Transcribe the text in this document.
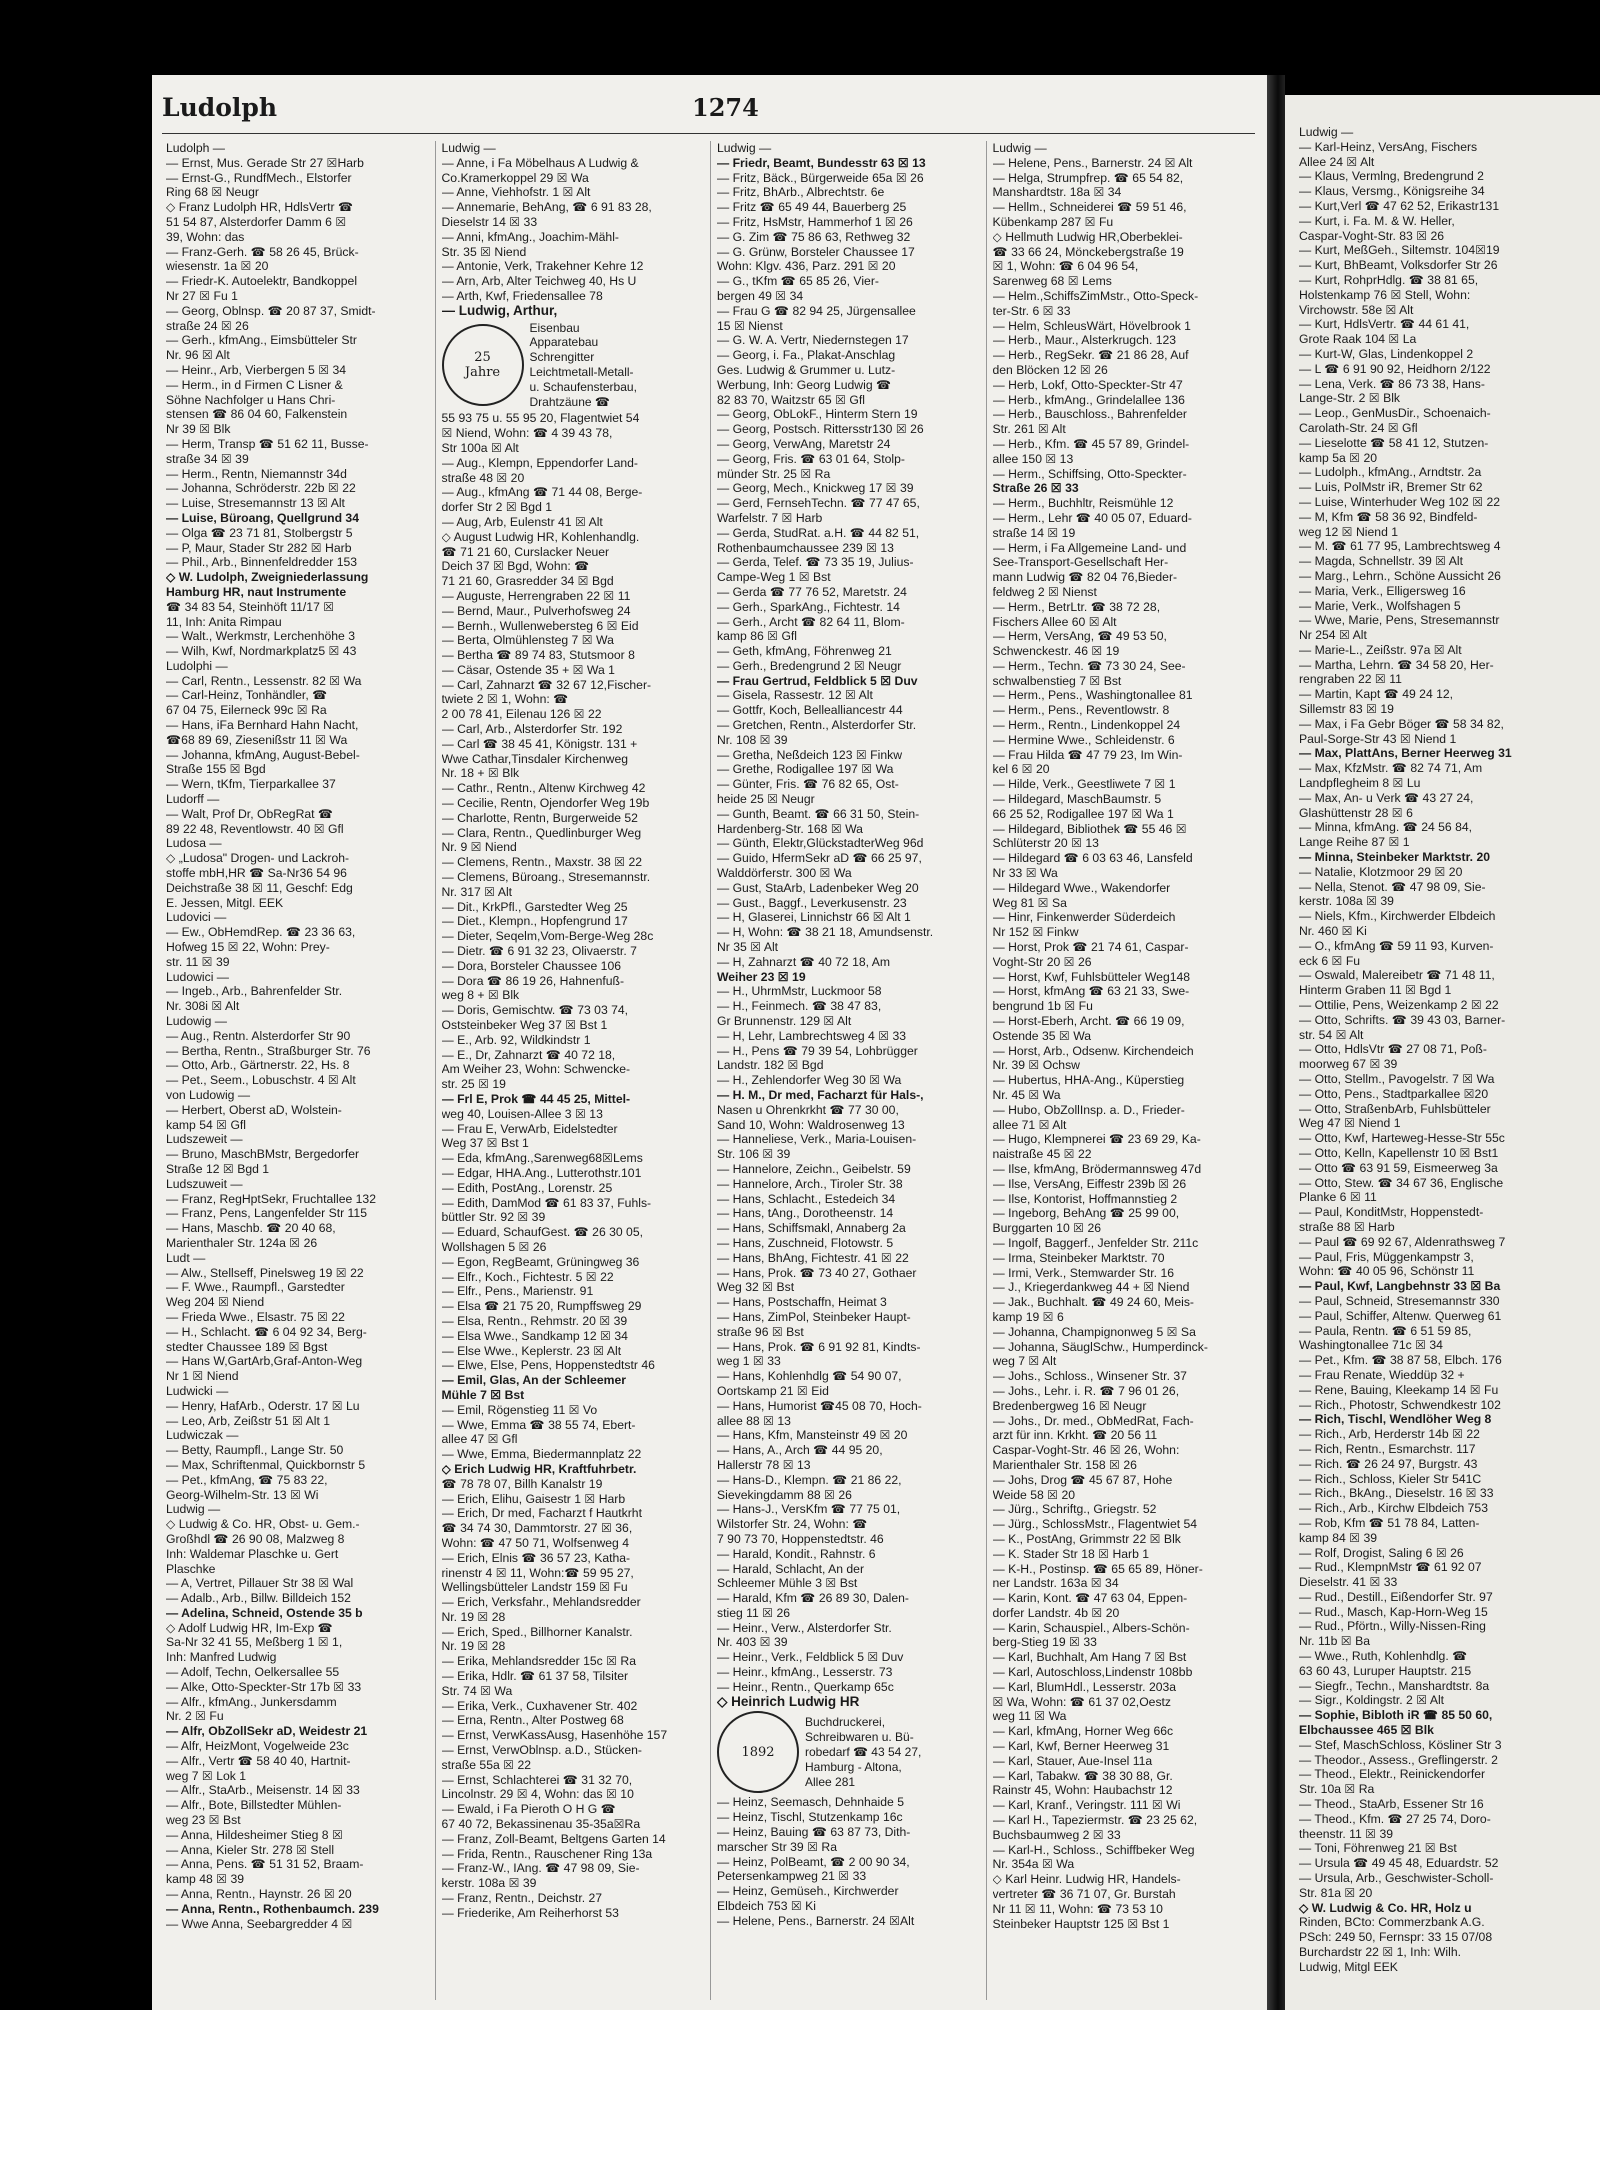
Ludolph	1274
Ludolph —
— Ernst, Mus. Gerade Str 27 ☒Harb
— Ernst-G., RundfMech., Elstorfer
Ring 68 ☒ Neugr
◇ Franz Ludolph HR, HdlsVertr ☎
51 54 87, Alsterdorfer Damm 6 ☒
39, Wohn: das
— Franz-Gerh. ☎ 58 26 45, Brück-
wiesenstr. 1a ☒ 20
— Friedr-K. Autoelektr, Bandkoppel
Nr 27 ☒ Fu 1
— Georg, Oblnsp. ☎ 20 87 37, Smidt-
straße 24 ☒ 26
— Gerh., kfmAng., Eimsbütteler Str
Nr. 96 ☒ Alt
— Heinr., Arb, Vierbergen 5 ☒ 34
— Herm., in d Firmen C Lisner &
Söhne Nachfolger u Hans Chri-
stensen ☎ 86 04 60, Falkenstein
Nr 39 ☒ Blk
— Herm, Transp ☎ 51 62 11, Busse-
straße 34 ☒ 39
— Herm., Rentn, Niemannstr 34d
— Johanna, Schröderstr. 22b ☒ 22
— Luise, Stresemannstr 13 ☒ Alt
— Luise, Büroang, Quellgrund 34
— Olga ☎ 23 71 81, Stolbergstr 5
— P, Maur, Stader Str 282 ☒ Harb
— Phil., Arb., Binnenfeldredder 153
◇ W. Ludolph, Zweigniederlassung
Hamburg HR, naut Instrumente
☎ 34 83 54, Steinhöft 11/17 ☒
11, Inh: Anita Rimpau
— Walt., Werkmstr, Lerchenhöhe 3
— Wilh, Kwf, Nordmarkplatz5 ☒ 43
Ludolphi —
— Carl, Rentn., Lessenstr. 82 ☒ Wa
— Carl-Heinz, Tonhändler, ☎
67 04 75, Eilerneck 99c ☒ Ra
— Hans, iFa Bernhard Hahn Nacht,
☎68 89 69, Ziesenißstr 11 ☒ Wa
— Johanna, kfmAng, August-Bebel-
Straße 155 ☒ Bgd
— Wern, tKfm, Tierparkallee 37
Ludorff —
— Walt, Prof Dr, ObRegRat ☎
89 22 48, Reventlowstr. 40 ☒ Gfl
Ludosa —
◇ „Ludosa" Drogen- und Lackroh-
stoffe mbH,HR ☎ Sa-Nr36 54 96
Deichstraße 38 ☒ 11, Geschf: Edg
E. Jessen, Mitgl. EEK
Ludovici —
— Ew., ObHemdRep. ☎ 23 36 63,
Hofweg 15 ☒ 22, Wohn: Prey-
str. 11 ☒ 39
Ludowici —
— Ingeb., Arb., Bahrenfelder Str.
Nr. 308i ☒ Alt
Ludowig —
— Aug., Rentn. Alsterdorfer Str 90
— Bertha, Rentn., Straßburger Str. 76
— Otto, Arb., Gärtnerstr. 22, Hs. 8
— Pet., Seem., Lobuschstr. 4 ☒ Alt
von Ludowig —
— Herbert, Oberst aD, Wolstein-
kamp 54 ☒ Gfl
Ludszeweit —
— Bruno, MaschBMstr, Bergedorfer
Straße 12 ☒ Bgd 1
Ludszuweit —
— Franz, RegHptSekr, Fruchtallee 132
— Franz, Pens, Langenfelder Str 115
— Hans, Maschb. ☎ 20 40 68,
Marienthaler Str. 124a ☒ 26
Ludt —
— Alw., Stellseff, Pinelsweg 19 ☒ 22
— F. Wwe., Raumpfl., Garstedter
Weg 204 ☒ Niend
— Frieda Wwe., Elsastr. 75 ☒ 22
— H., Schlacht. ☎ 6 04 92 34, Berg-
stedter Chaussee 189 ☒ Bgst
— Hans W,GartArb,Graf-Anton-Weg
Nr 1 ☒ Niend
Ludwicki —
— Henry, HafArb., Oderstr. 17 ☒ Lu
— Leo, Arb, Zeißstr 51 ☒ Alt 1
Ludwiczak —
— Betty, Raumpfl., Lange Str. 50
— Max, Schriftenmal, Quickbornstr 5
— Pet., kfmAng, ☎ 75 83 22,
Georg-Wilhelm-Str. 13 ☒ Wi
Ludwig —
◇ Ludwig & Co. HR, Obst- u. Gem.-
Großhdl ☎ 26 90 08, Malzweg 8
Inh: Waldemar Plaschke u. Gert
Plaschke
— A, Vertret, Pillauer Str 38 ☒ Wal
— Adalb., Arb., Billw. Billdeich 152
— Adelina, Schneid, Ostende 35 b
◇ Adolf Ludwig HR, Im-Exp ☎
Sa-Nr 32 41 55, Meßberg 1 ☒ 1,
Inh: Manfred Ludwig
— Adolf, Techn, Oelkersallee 55
— Alke, Otto-Speckter-Str 17b ☒ 33
— Alfr., kfmAng., Junkersdamm
Nr. 2 ☒ Fu
— Alfr, ObZollSekr aD, Weidestr 21
— Alfr, HeizMont, Vogelweide 23c
— Alfr., Vertr ☎ 58 40 40, Hartnit-
weg 7 ☒ Lok 1
— Alfr., StaArb., Meisenstr. 14 ☒ 33
— Alfr., Bote, Billstedter Mühlen-
weg 23 ☒ Bst
— Anna, Hildesheimer Stieg 8 ☒
— Anna, Kieler Str. 278 ☒ Stell
— Anna, Pens. ☎ 51 31 52, Braam-
kamp 48 ☒ 39
— Anna, Rentn., Haynstr. 26 ☒ 20
— Anna, Rentn., Rothenbaumch. 239
— Wwe Anna, Seebargredder 4 ☒
Ludwig —
— Anne, i Fa Möbelhaus A Ludwig &
Co.Kramerkoppel 29 ☒ Wa
— Anne, Viehhofstr. 1 ☒ Alt
— Annemarie, BehAng, ☎ 6 91 83 28,
Dieselstr 14 ☒ 33
— Anni, kfmAng., Joachim-Mähl-
Str. 35 ☒ Niend
— Antonie, Verk, Trakehner Kehre 12
— Arn, Arb, Alter Teichweg 40, Hs U
— Arth, Kwf, Friedensallee 78
— Ludwig, Arthur,
25
Jahre
Eisenbau
Apparatebau
Schrengitter
Leichtmetall-Metall-
u. Schaufensterbau,
Drahtzäune ☎
55 93 75 u. 55 95 20, Flagentwiet 54
☒ Niend, Wohn: ☎ 4 39 43 78,
Str 100a ☒ Alt
— Aug., Klempn, Eppendorfer Land-
straße 48 ☒ 20
— Aug., kfmAng ☎ 71 44 08, Berge-
dorfer Str 2 ☒ Bgd 1
— Aug, Arb, Eulenstr 41 ☒ Alt
◇ August Ludwig HR, Kohlenhandlg.
☎ 71 21 60, Curslacker Neuer
Deich 37 ☒ Bgd, Wohn: ☎
71 21 60, Grasredder 34 ☒ Bgd
— Auguste, Herrengraben 22 ☒ 11
— Bernd, Maur., Pulverhofsweg 24
— Bernh., Wullenwebersteg 6 ☒ Eid
— Berta, Olmühlensteg 7 ☒ Wa
— Bertha ☎ 89 74 83, Stutsmoor 8
— Cäsar, Ostende 35 + ☒ Wa 1
— Carl, Zahnarzt ☎ 32 67 12,Fischer-
twiete 2 ☒ 1, Wohn: ☎
2 00 78 41, Eilenau 126 ☒ 22
— Carl, Arb., Alsterdorfer Str. 192
— Carl ☎ 38 45 41, Königstr. 131 +
Wwe Cathar,Tinsdaler Kirchenweg
Nr. 18 + ☒ Blk
— Cathr., Rentn., Altenw Kirchweg 42
— Cecilie, Rentn, Ojendorfer Weg 19b
— Charlotte, Rentn, Burgerweide 52
— Clara, Rentn., Quedlinburger Weg
Nr. 9 ☒ Niend
— Clemens, Rentn., Maxstr. 38 ☒ 22
— Clemens, Büroang., Stresemannstr.
Nr. 317 ☒ Alt
— Dit., KrkPfl., Garstedter Weg 25
— Diet., Klempn., Hopfengrund 17
— Dieter, Seqelm,Vom-Berge-Weg 28c
— Dietr. ☎ 6 91 32 23, Olivaerstr. 7
— Dora, Borsteler Chaussee 106
— Dora ☎ 86 19 26, Hahnenfuß-
weg 8 + ☒ Blk
— Doris, Gemischtw. ☎ 73 03 74,
Oststeinbeker Weg 37 ☒ Bst 1
— E., Arb. 92, Wildkindstr 1
— E., Dr, Zahnarzt ☎ 40 72 18,
Am Weiher 23, Wohn: Schwencke-
str. 25 ☒ 19
— Frl E, Prok ☎ 44 45 25, Mittel-
weg 40, Louisen-Allee 3 ☒ 13
— Frau E, VerwArb, Eidelstedter
Weg 37 ☒ Bst 1
— Eda, kfmAng.,Sarenweg68☒Lems
— Edgar, HHA.Ang., Lutterothstr.101
— Edith, PostAng., Lorenstr. 25
— Edith, DamMod ☎ 61 83 37, Fuhls-
büttler Str. 92 ☒ 39
— Eduard, SchaufGest. ☎ 26 30 05,
Wollshagen 5 ☒ 26
— Egon, RegBeamt, Grüningweg 36
— Elfr., Koch., Fichtestr. 5 ☒ 22
— Elfr., Pens., Marienstr. 91
— Elsa ☎ 21 75 20, Rumpffsweg 29
— Elsa, Rentn., Rehmstr. 20 ☒ 39
— Elsa Wwe., Sandkamp 12 ☒ 34
— Else Wwe., Keplerstr. 23 ☒ Alt
— Elwe, Else, Pens, Hoppenstedtstr 46
— Emil, Glas, An der Schleemer
Mühle 7 ☒ Bst
— Emil, Rögenstieg 11 ☒ Vo
— Wwe, Emma ☎ 38 55 74, Ebert-
allee 47 ☒ Gfl
— Wwe, Emma, Biedermannplatz 22
◇ Erich Ludwig HR, Kraftfuhrbetr.
☎ 78 78 07, Billh Kanalstr 19
— Erich, Elihu, Gaisestr 1 ☒ Harb
— Erich, Dr med, Facharzt f Hautkrht
☎ 34 74 30, Dammtorstr. 27 ☒ 36,
Wohn: ☎ 47 50 71, Wolfsenweg 4
— Erich, Elnis ☎ 36 57 23, Katha-
rinenstr 4 ☒ 11, Wohn:☎ 59 95 27,
Wellingsbütteler Landstr 159 ☒ Fu
— Erich, Verksfahr., Mehlandsredder
Nr. 19 ☒ 28
— Erich, Sped., Billhorner Kanalstr.
Nr. 19 ☒ 28
— Erika, Mehlandsredder 15c ☒ Ra
— Erika, Hdlr. ☎ 61 37 58, Tilsiter
Str. 74 ☒ Wa
— Erika, Verk., Cuxhavener Str. 402
— Erna, Rentn., Alter Postweg 68
— Ernst, VerwKassAusg, Hasenhöhe 157
— Ernst, VerwOblnsp. a.D., Stücken-
straße 55a ☒ 22
— Ernst, Schlachterei ☎ 31 32 70,
Lincolnstr. 29 ☒ 4, Wohn: das ☒ 10
— Ewald, i Fa Pieroth O H G ☎
67 40 72, Bekassinenau 35-35a☒Ra
— Franz, Zoll-Beamt, Beltgens Garten 14
— Frida, Rentn., Rauschener Ring 13a
— Franz-W., IAng. ☎ 47 98 09, Sie-
kerstr. 108a ☒ 39
— Franz, Rentn., Deichstr. 27
— Friederike, Am Reiherhorst 53
Ludwig —
— Friedr, Beamt, Bundesstr 63 ☒ 13
— Fritz, Bäck., Bürgerweide 65a ☒ 26
— Fritz, BhArb., Albrechtstr. 6e
— Fritz ☎ 65 49 44, Bauerberg 25
— Fritz, HsMstr, Hammerhof 1 ☒ 26
— G. Zim ☎ 75 86 63, Rethweg 32
— G. Grünw, Borsteler Chaussee 17
Wohn: Klgv. 436, Parz. 291 ☒ 20
— G., tKfm ☎ 65 85 26, Vier-
bergen 49 ☒ 34
— Frau G ☎ 82 94 25, Jürgensallee
15 ☒ Nienst
— G. W. A. Vertr, Niedernstegen 17
— Georg, i. Fa., Plakat-Anschlag
Ges. Ludwig & Grummer u. Lutz-
Werbung, Inh: Georg Ludwig ☎
82 83 70, Waitzstr 65 ☒ Gfl
— Georg, ObLokF., Hinterm Stern 19
— Georg, Postsch. Rittersstr130 ☒ 26
— Georg, VerwAng, Maretstr 24
— Georg, Fris. ☎ 63 01 64, Stolp-
münder Str. 25 ☒ Ra
— Georg, Mech., Knickweg 17 ☒ 39
— Gerd, FernsehTechn. ☎ 77 47 65,
Warfelstr. 7 ☒ Harb
— Gerda, StudRat. a.H. ☎ 44 82 51,
Rothenbaumchaussee 239 ☒ 13
— Gerda, Telef. ☎ 73 35 19, Julius-
Campe-Weg 1 ☒ Bst
— Gerda ☎ 77 76 52, Maretstr. 24
— Gerh., SparkAng., Fichtestr. 14
— Gerh., Archt ☎ 82 64 11, Blom-
kamp 86 ☒ Gfl
— Geth, kfmAng, Föhrenweg 21
— Gerh., Bredengrund 2 ☒ Neugr
— Frau Gertrud, Feldblick 5 ☒ Duv
— Gisela, Rassestr. 12 ☒ Alt
— Gottfr, Koch, Bellealliancestr 44
— Gretchen, Rentn., Alsterdorfer Str.
Nr. 108 ☒ 39
— Gretha, Neßdeich 123 ☒ Finkw
— Grethe, Rodigallee 197 ☒ Wa
— Günter, Fris. ☎ 76 82 65, Ost-
heide 25 ☒ Neugr
— Gunth, Beamt. ☎ 66 31 50, Stein-
Hardenberg-Str. 168 ☒ Wa
— Günth, Elektr,GlückstadterWeg 96d
— Guido, HfermSekr aD ☎ 66 25 97,
Walddörferstr. 300 ☒ Wa
— Gust, StaArb, Ladenbeker Weg 20
— Gust., Baggf., Leverkusenstr. 23
— H, Glaserei, Linnichstr 66 ☒ Alt 1
— H, Wohn: ☎ 38 21 18, Amundsenstr.
Nr 35 ☒ Alt
— H, Zahnarzt ☎ 40 72 18, Am
Weiher 23 ☒ 19
— H., UhrmMstr, Luckmoor 58
— H., Feinmech. ☎ 38 47 83,
Gr Brunnenstr. 129 ☒ Alt
— H, Lehr, Lambrechtsweg 4 ☒ 33
— H., Pens ☎ 79 39 54, Lohbrügger
Landstr. 182 ☒ Bgd
— H., Zehlendorfer Weg 30 ☒ Wa
— H. M., Dr med, Facharzt für Hals-,
Nasen u Ohrenkrkht ☎ 77 30 00,
Sand 10, Wohn: Waldrosenweg 13
— Hanneliese, Verk., Maria-Louisen-
Str. 106 ☒ 39
— Hannelore, Zeichn., Geibelstr. 59
— Hannelore, Arch., Tiroler Str. 38
— Hans, Schlacht., Estedeich 34
— Hans, tAng., Dorotheenstr. 14
— Hans, Schiffsmakl, Annaberg 2a
— Hans, Zuschneid, Flotowstr. 5
— Hans, BhAng, Fichtestr. 41 ☒ 22
— Hans, Prok. ☎ 73 40 27, Gothaer
Weg 32 ☒ Bst
— Hans, Postschaffn, Heimat 3
— Hans, ZimPol, Steinbeker Haupt-
straße 96 ☒ Bst
— Hans, Prok. ☎ 6 91 92 81, Kindts-
weg 1 ☒ 33
— Hans, Kohlenhdlg ☎ 54 90 07,
Oortskamp 21 ☒ Eid
— Hans, Humorist ☎45 08 70, Hoch-
allee 88 ☒ 13
— Hans, Kfm, Mansteinstr 49 ☒ 20
— Hans, A., Arch ☎ 44 95 20,
Hallerstr 78 ☒ 13
— Hans-D., Klempn. ☎ 21 86 22,
Sievekingdamm 88 ☒ 26
— Hans-J., VersKfm ☎ 77 75 01,
Wilstorfer Str. 24, Wohn: ☎
7 90 73 70, Hoppenstedtstr. 46
— Harald, Kondit., Rahnstr. 6
— Harald, Schlacht, An der
Schleemer Mühle 3 ☒ Bst
— Harald, Kfm ☎ 26 89 30, Dalen-
stieg 11 ☒ 26
— Heinr., Verw., Alsterdorfer Str.
Nr. 403 ☒ 39
— Heinr., Verk., Feldblick 5 ☒ Duv
— Heinr., kfmAng., Lesserstr. 73
— Heinr., Rentn., Querkamp 65c
◇ Heinrich Ludwig HR
1892
Buchdruckerei,
Schreibwaren u. Bü-
robedarf ☎ 43 54 27,
Hamburg - Altona,
Allee 281
— Heinz, Seemasch, Dehnhaide 5
— Heinz, Tischl, Stutzenkamp 16c
— Heinz, Bauing ☎ 63 87 73, Dith-
marscher Str 39 ☒ Ra
— Heinz, PolBeamt, ☎ 2 00 90 34,
Petersenkampweg 21 ☒ 33
— Heinz, Gemüseh., Kirchwerder
Elbdeich 753 ☒ Ki
— Helene, Pens., Barnerstr. 24 ☒Alt
Ludwig —
— Helene, Pens., Barnerstr. 24 ☒ Alt
— Helga, Strumpfrep. ☎ 65 54 82,
Manshardtstr. 18a ☒ 34
— Hellm., Schneiderei ☎ 59 51 46,
Kübenkamp 287 ☒ Fu
◇ Hellmuth Ludwig HR,Oberbeklei-
☎ 33 66 24, Mönckebergstraße 19
☒ 1, Wohn: ☎ 6 04 96 54,
Sarenweg 68 ☒ Lems
— Helm.,SchiffsZimMstr., Otto-Speck-
ter-Str. 6 ☒ 33
— Helm, SchleusWärt, Hövelbrook 1
— Herb., Maur., Alsterkrugch. 123
— Herb., RegSekr. ☎ 21 86 28, Auf
den Blöcken 12 ☒ 26
— Herb, Lokf, Otto-Speckter-Str 47
— Herb., kfmAng., Grindelallee 136
— Herb., Bauschloss., Bahrenfelder
Str. 261 ☒ Alt
— Herb., Kfm. ☎ 45 57 89, Grindel-
allee 150 ☒ 13
— Herm., Schiffsing, Otto-Speckter-
Straße 26 ☒ 33
— Herm., Buchhltr, Reismühle 12
— Herm., Lehr ☎ 40 05 07, Eduard-
straße 14 ☒ 19
— Herm, i Fa Allgemeine Land- und
See-Transport-Gesellschaft Her-
mann Ludwig ☎ 82 04 76,Bieder-
feldweg 2 ☒ Nienst
— Herm., BetrLtr. ☎ 38 72 28,
Fischers Allee 60 ☒ Alt
— Herm, VersAng, ☎ 49 53 50,
Schwenckestr. 46 ☒ 19
— Herm., Techn. ☎ 73 30 24, See-
schwalbenstieg 7 ☒ Bst
— Herm., Pens., Washingtonallee 81
— Herm., Pens., Reventlowstr. 8
— Herm., Rentn., Lindenkoppel 24
— Hermine Wwe., Schleidenstr. 6
— Frau Hilda ☎ 47 79 23, Im Win-
kel 6 ☒ 20
— Hilde, Verk., Geestliwete 7 ☒ 1
— Hildegard, MaschBaumstr. 5
66 25 52, Rodigallee 197 ☒ Wa 1
— Hildegard, Bibliothek ☎ 55 46 ☒
Schlüterstr 20 ☒ 13
— Hildegard ☎ 6 03 63 46, Lansfeld
Nr 33 ☒ Wa
— Hildegard Wwe., Wakendorfer
Weg 81 ☒ Sa
— Hinr, Finkenwerder Süderdeich
Nr 152 ☒ Finkw
— Horst, Prok ☎ 21 74 61, Caspar-
Voght-Str 20 ☒ 26
— Horst, Kwf, Fuhlsbütteler Weg148
— Horst, kfmAng ☎ 63 21 33, Swe-
bengrund 1b ☒ Fu
— Horst-Eberh, Archt. ☎ 66 19 09,
Ostende 35 ☒ Wa
— Horst, Arb., Odsenw. Kirchendeich
Nr. 39 ☒ Ochsw
— Hubertus, HHA-Ang., Küperstieg
Nr. 45 ☒ Wa
— Hubo, ObZollInsp. a. D., Frieder-
allee 71 ☒ Alt
— Hugo, Klempnerei ☎ 23 69 29, Ka-
naistraße 45 ☒ 22
— Ilse, kfmAng, Brödermannsweg 47d
— Ilse, VersAng, Eiffestr 239b ☒ 26
— Ilse, Kontorist, Hoffmannstieg 2
— Ingeborg, BehAng ☎ 25 99 00,
Burggarten 10 ☒ 26
— Ingolf, Baggerf., Jenfelder Str. 211c
— Irma, Steinbeker Marktstr. 70
— Irmi, Verk., Stemwarder Str. 16
— J., Kriegerdankweg 44 + ☒ Niend
— Jak., Buchhalt. ☎ 49 24 60, Meis-
kamp 19 ☒ 6
— Johanna, Champignonweg 5 ☒ Sa
— Johanna, SäuglSchw., Humperdinck-
weg 7 ☒ Alt
— Johs., Schloss., Winsener Str. 37
— Johs., Lehr. i. R. ☎ 7 96 01 26,
Bredenbergweg 16 ☒ Neugr
— Johs., Dr. med., ObMedRat, Fach-
arzt für inn. Krkht. ☎ 20 56 11
Caspar-Voght-Str. 46 ☒ 26, Wohn:
Marienthaler Str. 158 ☒ 26
— Johs, Drog ☎ 45 67 87, Hohe
Weide 58 ☒ 20
— Jürg., Schriftg., Griegstr. 52
— Jürg., SchlossMstr., Flagentwiet 54
— K., PostAng, Grimmstr 22 ☒ Blk
— K. Stader Str 18 ☒ Harb 1
— K-H., Postinsp. ☎ 65 65 89, Höner-
ner Landstr. 163a ☒ 34
— Karin, Kont. ☎ 47 63 04, Eppen-
dorfer Landstr. 4b ☒ 20
— Karin, Schauspiel., Albers-Schön-
berg-Stieg 19 ☒ 33
— Karl, Buchhalt, Am Hang 7 ☒ Bst
— Karl, Autoschloss,Lindenstr 108bb
— Karl, BlumHdl., Lesserstr. 203a
☒ Wa, Wohn: ☎ 61 37 02,Oestz
weg 11 ☒ Wa
— Karl, kfmAng, Horner Weg 66c
— Karl, Kwf, Berner Heerweg 31
— Karl, Stauer, Aue-Insel 11a
— Karl, Tabakw. ☎ 38 30 88, Gr.
Rainstr 45, Wohn: Haubachstr 12
— Karl, Kranf., Veringstr. 111 ☒ Wi
— Karl H., Tapeziermstr. ☎ 23 25 62,
Buchsbaumweg 2 ☒ 33
— Karl-H., Schloss., Schiffbeker Weg
Nr. 354a ☒ Wa
◇ Karl Heinr. Ludwig HR, Handels-
vertreter ☎ 36 71 07, Gr. Burstah
Nr 11 ☒ 11, Wohn: ☎ 73 53 10
Steinbeker Hauptstr 125 ☒ Bst 1
Ludwig —
— Karl-Heinz, VersAng, Fischers
Allee 24 ☒ Alt
— Klaus, Vermlng, Bredengrund 2
— Klaus, Versmg., Königsreihe 34
— Kurt,Verl ☎ 47 62 52, Erikastr131
— Kurt, i. Fa. M. & W. Heller,
Caspar-Voght-Str. 83 ☒ 26
— Kurt, MeßGeh., Siltemstr. 104☒19
— Kurt, BhBeamt, Volksdorfer Str 26
— Kurt, RohprHdlg. ☎ 38 81 65,
Holstenkamp 76 ☒ Stell, Wohn:
Virchowstr. 58e ☒ Alt
— Kurt, HdlsVertr. ☎ 44 61 41,
Grote Raak 104 ☒ La
— Kurt-W, Glas, Lindenkoppel 2
— L ☎ 6 91 90 92, Heidhorn 2/122
— Lena, Verk. ☎ 86 73 38, Hans-
Lange-Str. 2 ☒ Blk
— Leop., GenMusDir., Schoenaich-
Carolath-Str. 24 ☒ Gfl
— Lieselotte ☎ 58 41 12, Stutzen-
kamp 5a ☒ 20
— Ludolph., kfmAng., Arndtstr. 2a
— Luis, PolMstr iR, Bremer Str 62
— Luise, Winterhuder Weg 102 ☒ 22
— M, Kfm ☎ 58 36 92, Bindfeld-
weg 12 ☒ Niend 1
— M. ☎ 61 77 95, Lambrechtsweg 4
— Magda, Schnellstr. 39 ☒ Alt
— Marg., Lehrn., Schöne Aussicht 26
— Maria, Verk., Elligersweg 16
— Marie, Verk., Wolfshagen 5
— Wwe, Marie, Pens, Stresemannstr
Nr 254 ☒ Alt
— Marie-L., Zeißstr. 97a ☒ Alt
— Martha, Lehrn. ☎ 34 58 20, Her-
rengraben 22 ☒ 11
— Martin, Kapt ☎ 49 24 12,
Sillemstr 83 ☒ 19
— Max, i Fa Gebr Böger ☎ 58 34 82,
Paul-Sorge-Str 43 ☒ Niend 1
— Max, PlattAns, Berner Heerweg 31
— Max, KfzMstr. ☎ 82 74 71, Am
Landpflegheim 8 ☒ Lu
— Max, An- u Verk ☎ 43 27 24,
Glashüttenstr 28 ☒ 6
— Minna, kfmAng. ☎ 24 56 84,
Lange Reihe 87 ☒ 1
— Minna, Steinbeker Marktstr. 20
— Natalie, Klotzmoor 29 ☒ 20
— Nella, Stenot. ☎ 47 98 09, Sie-
kerstr. 108a ☒ 39
— Niels, Kfm., Kirchwerder Elbdeich
Nr. 460 ☒ Ki
— O., kfmAng ☎ 59 11 93, Kurven-
eck 6 ☒ Fu
— Oswald, Malereibetr ☎ 71 48 11,
Hinterm Graben 11 ☒ Bgd 1
— Ottilie, Pens, Weizenkamp 2 ☒ 22
— Otto, Schrifts. ☎ 39 43 03, Barner-
str. 54 ☒ Alt
— Otto, HdlsVtr ☎ 27 08 71, Poß-
moorweg 67 ☒ 39
— Otto, Stellm., Pavogelstr. 7 ☒ Wa
— Otto, Pens., Stadtparkallee ☒20
— Otto, StraßenbArb, Fuhlsbütteler
Weg 47 ☒ Niend 1
— Otto, Kwf, Harteweg-Hesse-Str 55c
— Otto, Kelln, Kapellenstr 10 ☒ Bst1
— Otto ☎ 63 91 59, Eismeerweg 3a
— Otto, Stew. ☎ 34 67 36, Englische
Planke 6 ☒ 11
— Paul, KonditMstr, Hoppenstedt-
straße 88 ☒ Harb
— Paul ☎ 69 92 67, Aldenrathsweg 7
— Paul, Fris, Müggenkampstr 3,
Wohn: ☎ 40 05 96, Schönstr 11
— Paul, Kwf, Langbehnstr 33 ☒ Ba
— Paul, Schneid, Stresemannstr 330
— Paul, Schiffer, Altenw. Querweg 61
— Paula, Rentn. ☎ 6 51 59 85,
Washingtonallee 71c ☒ 34
— Pet., Kfm. ☎ 38 87 58, Elbch. 176
— Frau Renate, Wieddüp 32 +
— Rene, Bauing, Kleekamp 14 ☒ Fu
— Rich., Photostr, Schwendkestr 102
— Rich, Tischl, Wendlöher Weg 8
— Rich., Arb, Herderstr 14b ☒ 22
— Rich, Rentn., Esmarchstr. 117
— Rich. ☎ 26 24 97, Burgstr. 43
— Rich., Schloss, Kieler Str 541C
— Rich., BkAng., Dieselstr. 16 ☒ 33
— Rich., Arb., Kirchw Elbdeich 753
— Rob, Kfm ☎ 51 78 84, Latten-
kamp 84 ☒ 39
— Rolf, Drogist, Saling 6 ☒ 26
— Rud., KlempnMstr ☎ 61 92 07
Dieselstr. 41 ☒ 33
— Rud., Destill., Eißendorfer Str. 97
— Rud., Masch, Kap-Horn-Weg 15
— Rud., Pförtn., Willy-Nissen-Ring
Nr. 11b ☒ Ba
— Wwe., Ruth, Kohlenhdlg. ☎
63 60 43, Luruper Hauptstr. 215
— Siegfr., Techn., Manshardtstr. 8a
— Sigr., Koldingstr. 2 ☒ Alt
— Sophie, Bibloth iR ☎ 85 50 60,
Elbchaussee 465 ☒ Blk
— Stef, MaschSchloss, Kösliner Str 3
— Theodor., Assess., Greflingerstr. 2
— Theod., Elektr., Reinickendorfer
Str. 10a ☒ Ra
— Theod., StaArb, Essener Str 16
— Theod., Kfm. ☎ 27 25 74, Doro-
theenstr. 11 ☒ 39
— Toni, Föhrenweg 21 ☒ Bst
— Ursula ☎ 49 45 48, Eduardstr. 52
— Ursula, Arb., Geschwister-Scholl-
Str. 81a ☒ 20
◇ W. Ludwig & Co. HR, Holz u
Rinden, BCto: Commerzbank A.G.
PSch: 249 50, Fernspr: 33 15 07/08
Burchardstr 22 ☒ 1, Inh: Wilh.
Ludwig, Mitgl EEK
